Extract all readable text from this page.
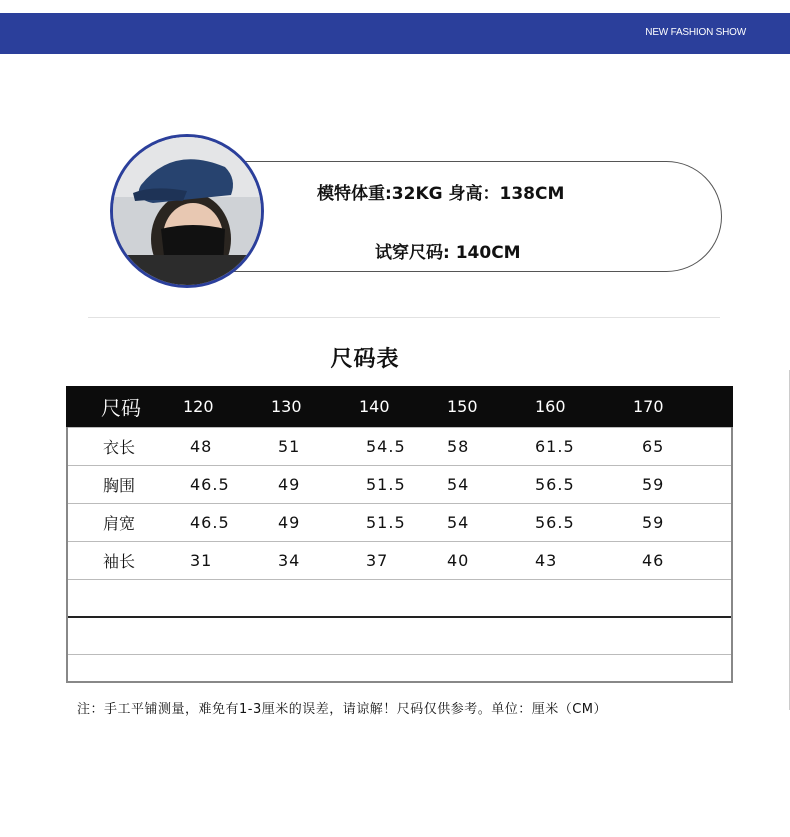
NEW FASHION SHOW
模特体重:32KG 身高：138CM
试穿尺码: 140CM
尺码表
尺码	120	130	140	150	160	170
衣长	48	51	54.5	58	61.5	65
胸围	46.5	49	51.5	54	56.5	59
肩宽	46.5	49	51.5	54	56.5	59
袖长	31	34	37	40	43	46

注：手工平铺测量，难免有1-3厘米的误差，请谅解！尺码仅供参考。单位：厘米（CM）
